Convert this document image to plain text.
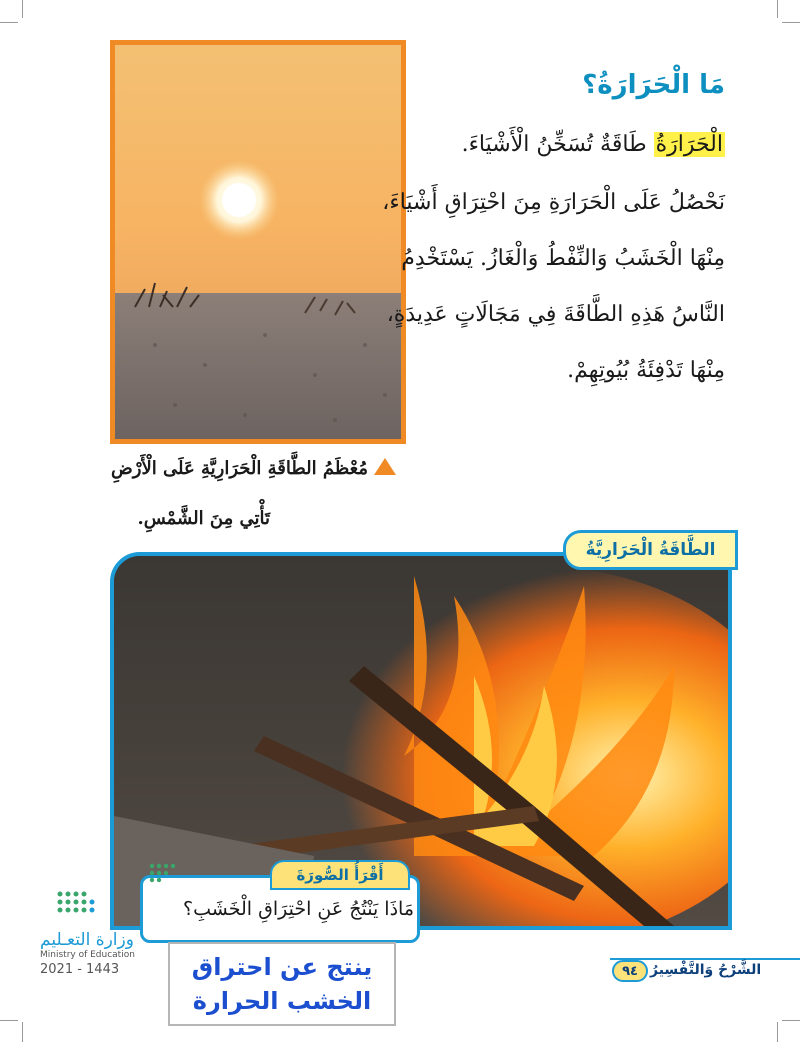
مَا الْحَرَارَةُ؟
الْحَرَارَةُ طَاقَةٌ تُسَخِّنُ الْأَشْيَاءَ.
نَحْصُلُ عَلَى الْحَرَارَةِ مِنَ احْتِرَاقِ أَشْيَاءَ،
مِنْهَا الْخَشَبُ وَالنِّفْطُ وَالْغَازُ. يَسْتَخْدِمُ
النَّاسُ هَذِهِ الطَّاقَةَ فِي مَجَالَاتٍ عَدِيدَةٍ،
مِنْهَا تَدْفِئَةُ بُيُوتِهِمْ.
مُعْظَمُ الطَّاقَةِ الْحَرَارِيَّةِ عَلَى الْأَرْضِ
تَأْتِي مِنَ الشَّمْسِ.
الطَّاقَةُ الْحَرَارِيَّةُ
أَقْرَأُ الصُّورَةَ
مَاذَا يَنْتُجُ عَنِ احْتِرَاقِ الْخَشَبِ؟
ينتج عن احتراق
الخشب الحرارة
وزارة التعـليم
Ministry of Education
2021 - 1443	٩٤ الشَّرْحُ وَالتَّفْسِيرُ
